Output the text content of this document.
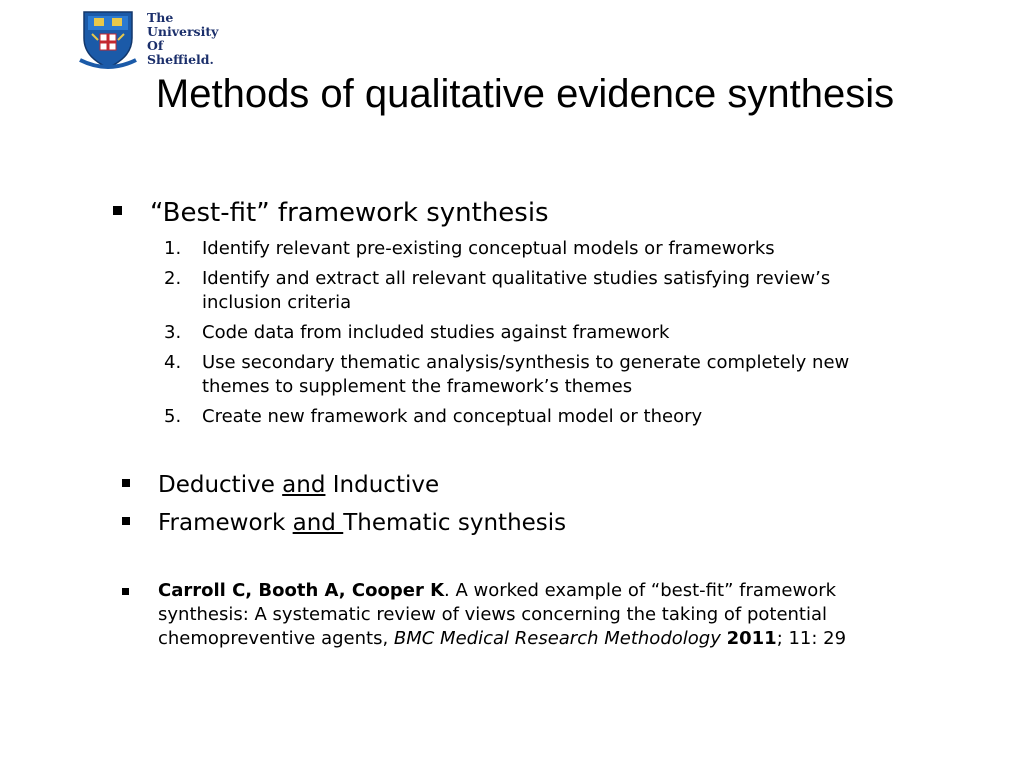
The
University
Of
Sheffield.
Methods of qualitative evidence synthesis
“Best-fit” framework synthesis
1. Identify relevant pre-existing conceptual models or frameworks
2. Identify and extract all relevant qualitative studies satisfying review’s inclusion criteria
3. Code data from included studies against framework
4. Use secondary thematic analysis/synthesis to generate completely new themes to supplement the framework’s themes
5. Create new framework and conceptual model or theory
Deductive and Inductive
Framework and Thematic synthesis
Carroll C, Booth A, Cooper K. A worked example of “best-fit” framework synthesis: A systematic review of views concerning the taking of potential chemopreventive agents, BMC Medical Research Methodology 2011; 11: 29
